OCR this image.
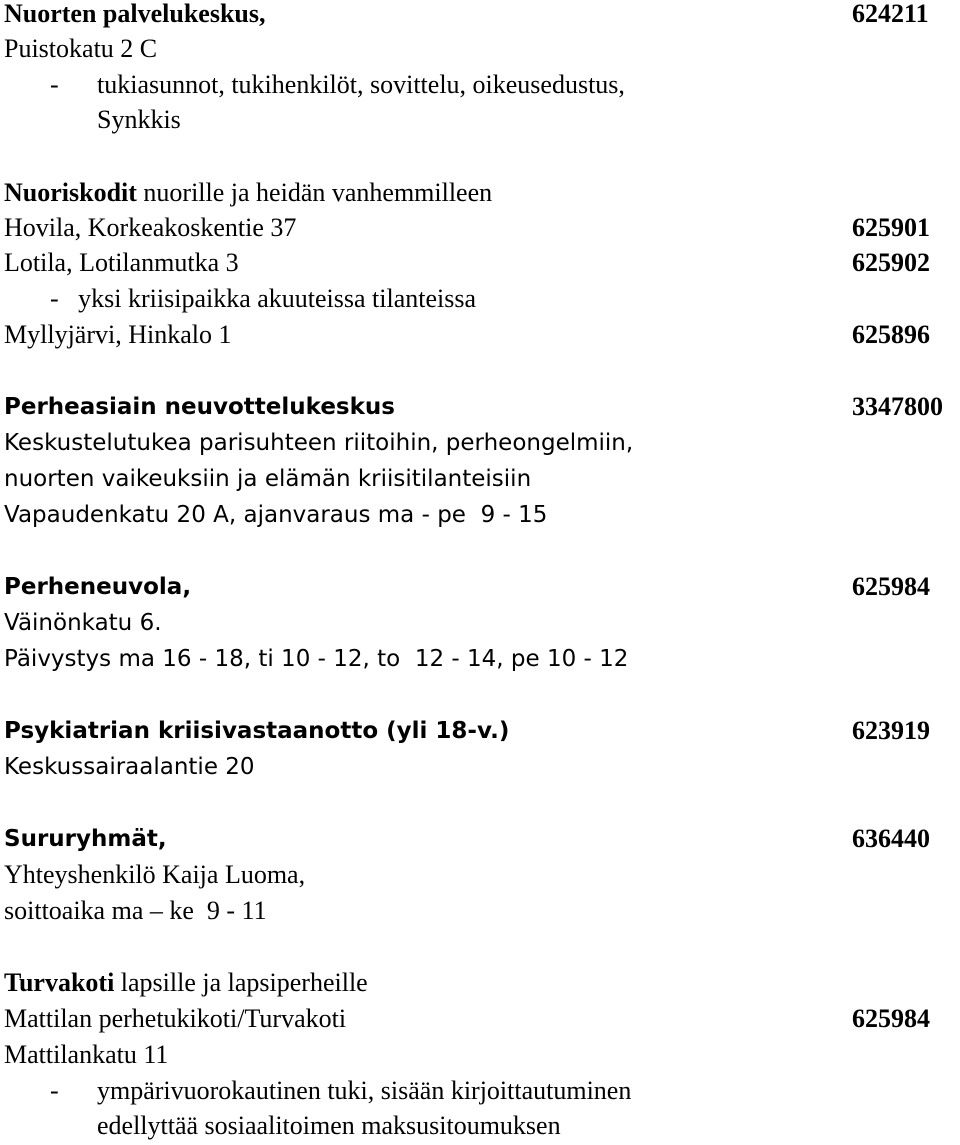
Nuorten palvelukeskus,	624211
Puistokatu 2 C
- tukiasunnot, tukihenkilöt, sovittelu, oikeusedustus,
Synkkis
Nuoriskodit nuorille ja heidän vanhemmilleen
Hovila, Korkeakoskentie 37	625901
Lotila, Lotilanmutka 3	625902
-   yksi kriisipaikka akuuteissa tilanteissa
Myllyjärvi, Hinkalo 1	625896
Perheasiain neuvottelukeskus	3347800
Keskustelutukea parisuhteen riitoihin, perheongelmiin,
nuorten vaikeuksiin ja elämän kriisitilanteisiin
Vapaudenkatu 20 A, ajanvaraus ma - pe  9 - 15
Perheneuvola,	625984
Väinönkatu 6.
Päivystys ma 16 - 18, ti 10 - 12, to  12 - 14, pe 10 - 12
Psykiatrian kriisivastaanotto (yli 18-v.)	623919
Keskussairaalantie 20
Sururyhmät,	636440
Yhteyshenkilö Kaija Luoma,
soittoaika ma – ke  9 - 11
Turvakoti lapsille ja lapsiperheille
Mattilan perhetukikoti/Turvakoti	625984
Mattilankatu 11
- ympärivuorokautinen tuki, sisään kirjoittautuminen
edellyttää sosiaalitoimen maksusitoumuksen
